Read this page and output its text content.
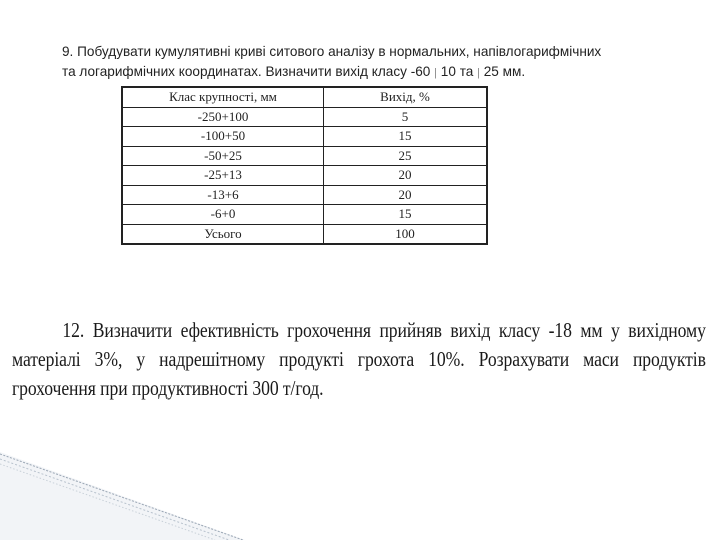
9. Побудувати кумулятивні криві ситового аналізу в нормальних, напівлогарифмічних
та логарифмічних координатах. Визначити вихід класу -60 | 10 та | 25 мм.
Клас крупності, мм	Вихід, %
-250+100	5
-100+50	15
-50+25	25
-25+13	20
-13+6	20
-6+0	15
Усього	100
12. Визначити ефективність грохочення прийняв вихід класу -18 мм у вихідному матеріалі 3%, у надрешітному продукті грохота 10%. Розрахувати маси продуктів грохочення при продуктивності 300 т/год.
